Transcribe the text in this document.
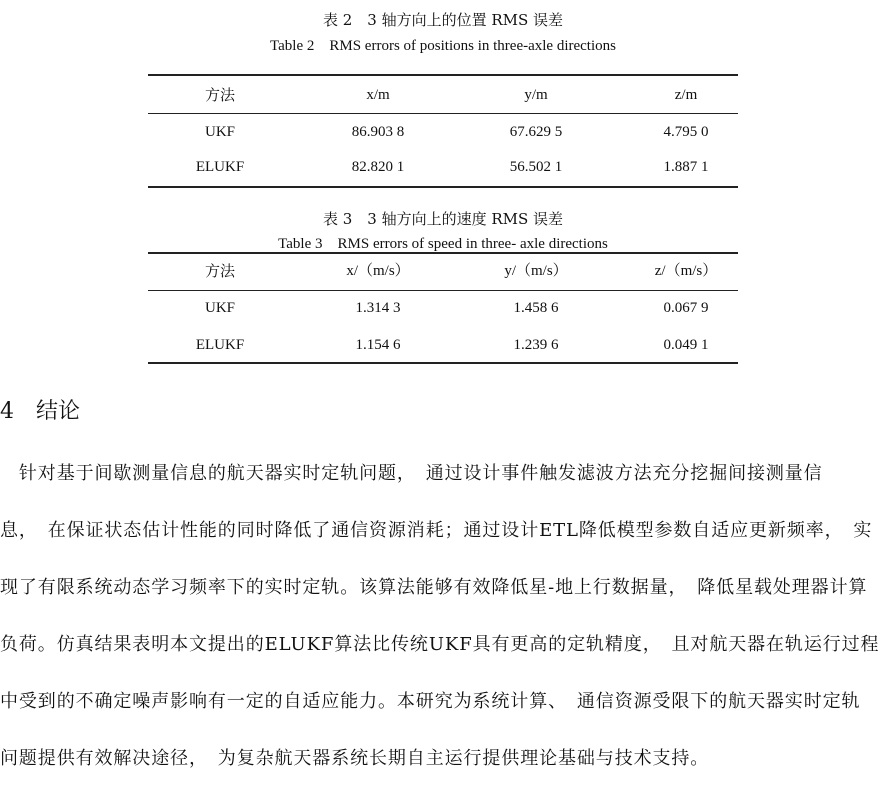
表 2　3 轴方向上的位置 RMS 误差
Table 2　RMS errors of positions in three-axle directions
方法	x/m	y/m	z/m
UKF	86.903 8	67.629 5	4.795 0
ELUKF	82.820 1	56.502 1	1.887 1
表 3　3 轴方向上的速度 RMS 误差
Table 3　RMS errors of speed in three- axle directions
方法	x/（m/s）	y/（m/s）	z/（m/s）
UKF	1.314 3	1.458 6	0.067 9
ELUKF	1.154 6	1.239 6	0.049 1
4　结论

　针对基于间歇测量信息的航天器实时定轨问题，　通过设计事件触发滤波方法充分挖掘间接测量信

息，　在保证状态估计性能的同时降低了通信资源消耗；通过设计ETL降低模型参数自适应更新频率，　实

现了有限系统动态学习频率下的实时定轨。该算法能够有效降低星-地上行数据量，　降低星载处理器计算

负荷。仿真结果表明本文提出的ELUKF算法比传统UKF具有更高的定轨精度，　且对航天器在轨运行过程

中受到的不确定噪声影响有一定的自适应能力。本研究为系统计算、　通信资源受限下的航天器实时定轨

问题提供有效解决途径，　为复杂航天器系统长期自主运行提供理论基础与技术支持。
